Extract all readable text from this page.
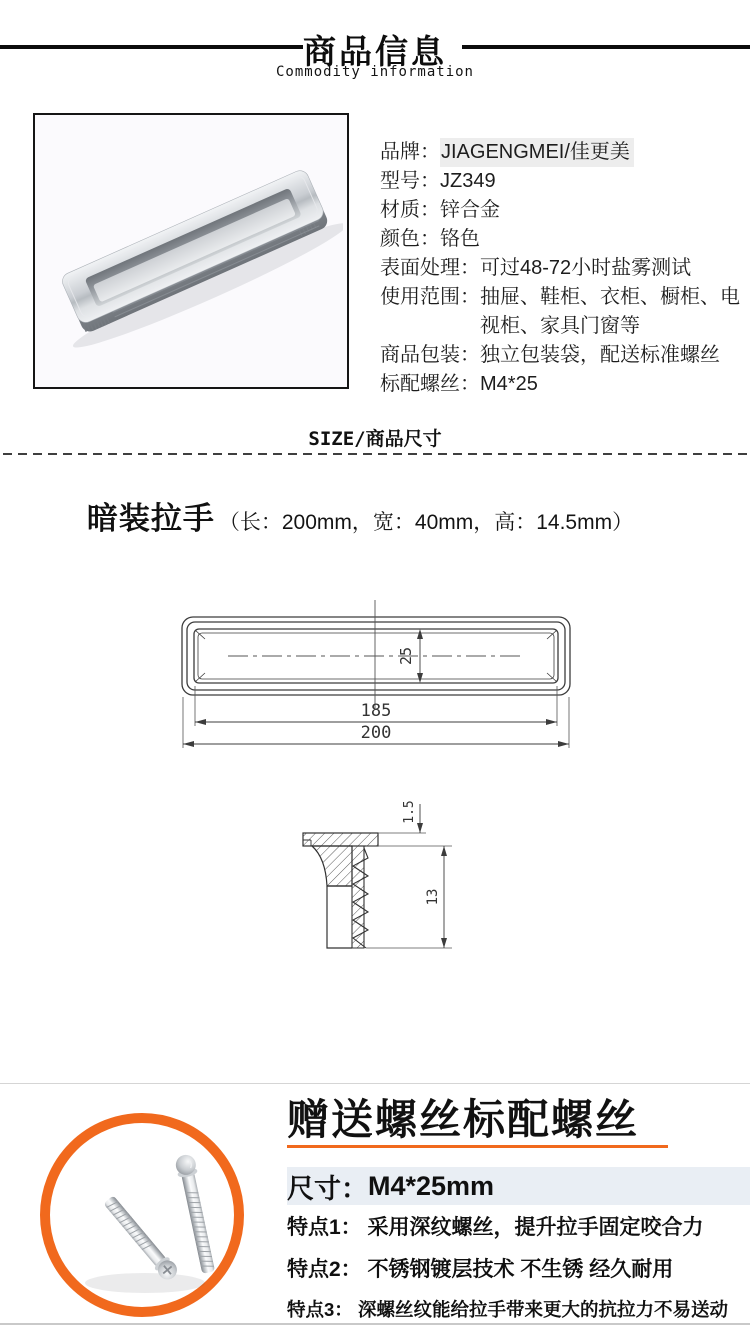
商品信息
Commodity information
品牌： JIAGENGMEI/佳更美
型号： JZ349
材质： 锌合金
颜色： 铬色
表面处理： 可过48-72小时盐雾测试
使用范围： 抽屉、鞋柜、衣柜、橱柜、电视柜、家具门窗等
商品包装： 独立包装袋，配送标准螺丝
标配螺丝： M4*25
SIZE/商品尺寸
暗装拉手 （长：200mm，宽：40mm，高：14.5mm）
25
185
200
1.5
13
赠送螺丝标配螺丝
尺寸： M4*25mm
特点1： 采用深纹螺丝，提升拉手固定咬合力
特点2： 不锈钢镀层技术 不生锈 经久耐用
特点3： 深螺丝纹能给拉手带来更大的抗拉力不易送动
